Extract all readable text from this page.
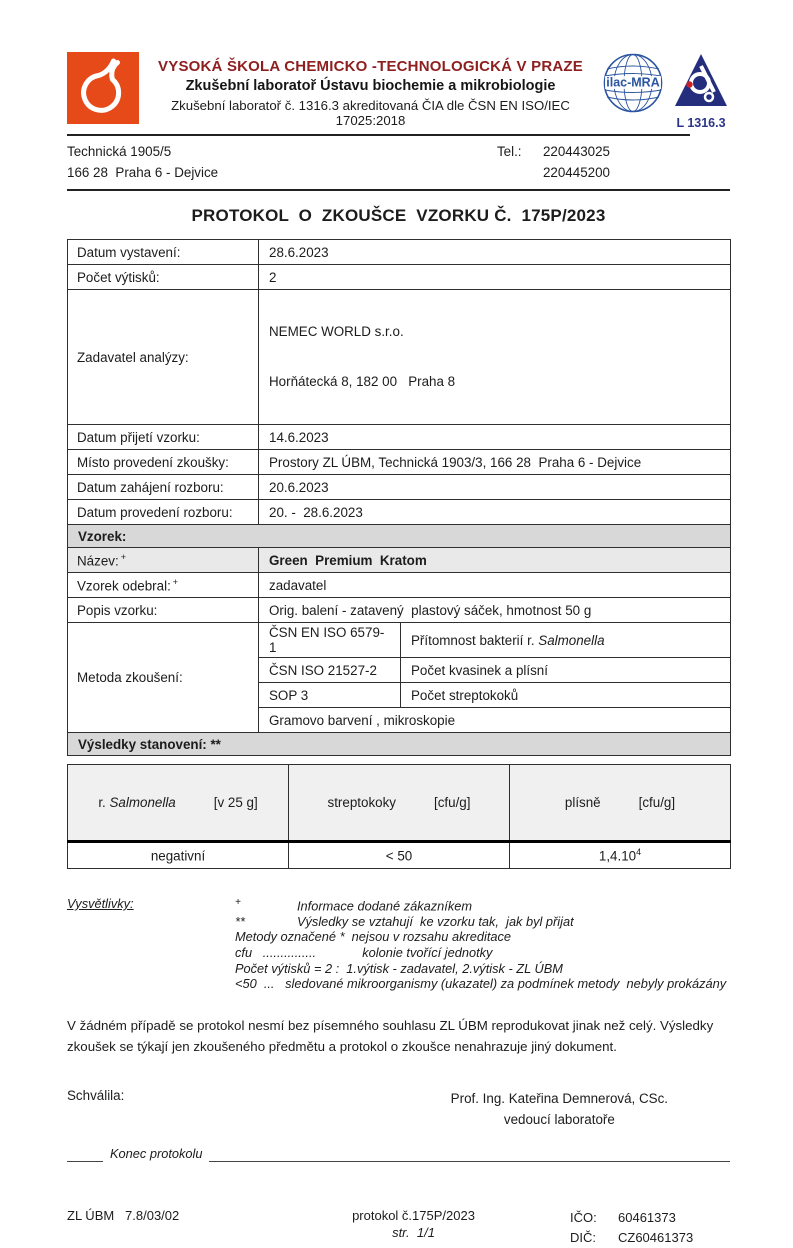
VYSOKÁ ŠKOLA CHEMICKO -TECHNOLOGICKÁ V PRAZE
Zkušební laboratoř Ústavu biochemie a mikrobiologie
Zkušební laboratoř č. 1316.3 akreditovaná ČIA dle ČSN EN ISO/IEC 17025:2018
ilac-MRA
L 1316.3
Technická 1905/5
166 28  Praha 6 - Dejvice
Tel.:	220443025
220445200
PROTOKOL  O  ZKOUŠCE  VZORKU Č.  175P/2023
Datum vystavení:	28.6.2023	
Počet výtisků:	2	
Zadavatel analýzy:	NEMEC WORLD s.r.o.

Horňátecká 8, 182 00   Praha 8	

Datum přijetí vzorku:	14.6.2023	
Místo provedení zkoušky:	Prostory ZL ÚBM, Technická 1903/3, 166 28  Praha 6 - Dejvice	
Datum zahájení rozboru:	20.6.2023	
Datum provedení rozboru:	20. -  28.6.2023	
Vzorek:		
Název: +	Green  Premium  Kratom	
Vzorek odebral: +	zadavatel	
Popis vzorku:	Orig. balení - zatavený  plastový sáček, hmotnost 50 g	
Metoda zkoušení:	ČSN EN ISO 6579-1	Přítomnost bakterií r. Salmonella
	ČSN ISO 21527-2	Počet kvasinek a plísní
	SOP 3	Počet streptokoků
	Gramovo barvení , mikroskopie	
Výsledky stanovení: **		

r. Salmonella [v 25 g]	streptokoky [cfu/g]	plísně [cfu/g]

negativní	< 50	1,4.10$^4$
Vysvětlivky:	+	Informace dodané zákazníkem
**	Výsledky se vztahují  ke vzorku tak,  jak byl přijat
Metody označené *  nejsou v rozsahu akreditace
cfu   ...............             kolonie tvořící jednotky
Počet výtisků = 2 :  1.výtisk - zadavatel, 2.výtisk - ZL ÚBM
<50  ...   sledované mikroorganismy (ukazatel) za podmínek metody  nebyly prokázány
V žádném případě se protokol nesmí bez písemného souhlasu ZL ÚBM reprodukovat jinak než celý. Výsledky zkoušek se týkají jen zkoušeného předmětu a protokol o zkoušce nenahrazuje jiný dokument.
Schválila:	Prof. Ing. Kateřina Demnerová, CSc.
vedoucí laboratoře
Konec protokolu
ZL ÚBM   7.8/03/02	protokol č.175P/2023
str.  1/1
IČO:	60461373
DIČ:	CZ60461373
